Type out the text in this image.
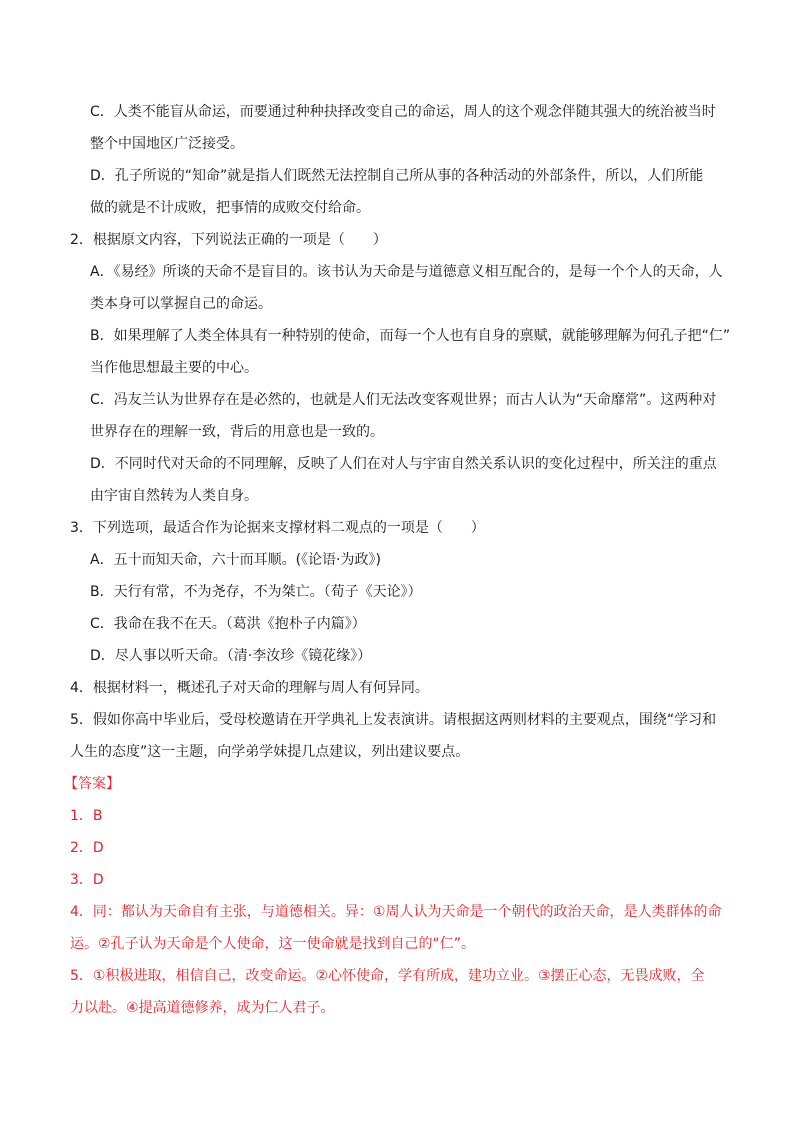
C．人类不能盲从命运，而要通过种种抉择改变自己的命运，周人的这个观念伴随其强大的统治被当时
整个中国地区广泛接受。
D．孔子所说的“知命”就是指人们既然无法控制自己所从事的各种活动的外部条件，所以，人们所能
做的就是不计成败，把事情的成败交付给命。
2．根据原文内容，下列说法正确的一项是（　　）
A．《易经》所谈的天命不是盲目的。该书认为天命是与道德意义相互配合的，是每一个个人的天命，人
类本身可以掌握自己的命运。
B．如果理解了人类全体具有一种特别的使命，而每一个人也有自身的禀赋，就能够理解为何孔子把“仁”
当作他思想最主要的中心。
C．冯友兰认为世界存在是必然的，也就是人们无法改变客观世界；而古人认为“天命靡常”。这两种对
世界存在的理解一致，背后的用意也是一致的。
D．不同时代对天命的不同理解，反映了人们在对人与宇宙自然关系认识的变化过程中，所关注的重点
由宇宙自然转为人类自身。
3．下列选项，最适合作为论据来支撑材料二观点的一项是（　　）
A．五十而知天命，六十而耳顺。(《论语·为政》)
B．天行有常，不为尧存，不为桀亡。（荀子《天论》）
C．我命在我不在天。（葛洪《抱朴子内篇》）
D．尽人事以听天命。（清·李汝珍《镜花缘》）
4．根据材料一，概述孔子对天命的理解与周人有何异同。
5．假如你高中毕业后，受母校邀请在开学典礼上发表演讲。请根据这两则材料的主要观点，围绕“学习和
人生的态度”这一主题，向学弟学妹提几点建议，列出建议要点。
【答案】
1．B
2．D
3．D
4．同：都认为天命自有主张，与道德相关。异：①周人认为天命是一个朝代的政治天命，是人类群体的命
运。②孔子认为天命是个人使命，这一使命就是找到自己的“仁”。
5．①积极进取，相信自己，改变命运。②心怀使命，学有所成，建功立业。③摆正心态，无畏成败，全
力以赴。④提高道德修养，成为仁人君子。
